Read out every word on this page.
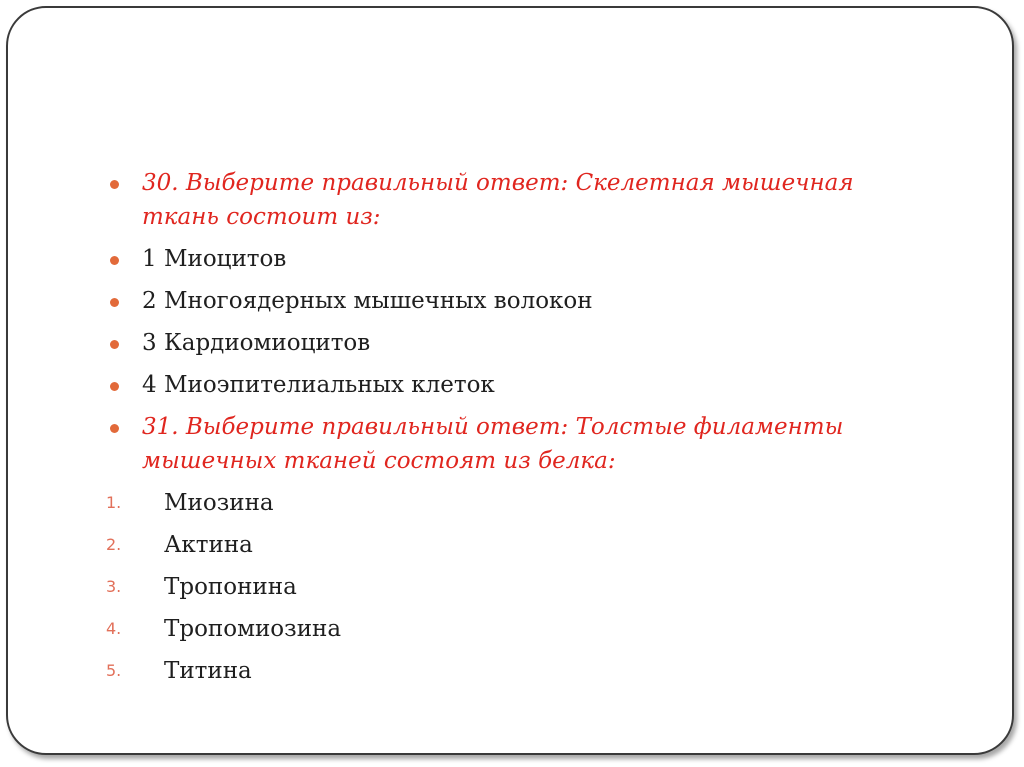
30. Выберите правильный ответ: Скелетная мышечная ткань состоит из:
1 Миоцитов
2 Многоядерных мышечных волокон
3 Кардиомиоцитов
4 Миоэпителиальных клеток
31. Выберите правильный ответ: Толстые филаменты мышечных тканей состоят из белка:
1. Миозина
2. Актина
3. Тропонина
4. Тропомиозина
5. Титина
